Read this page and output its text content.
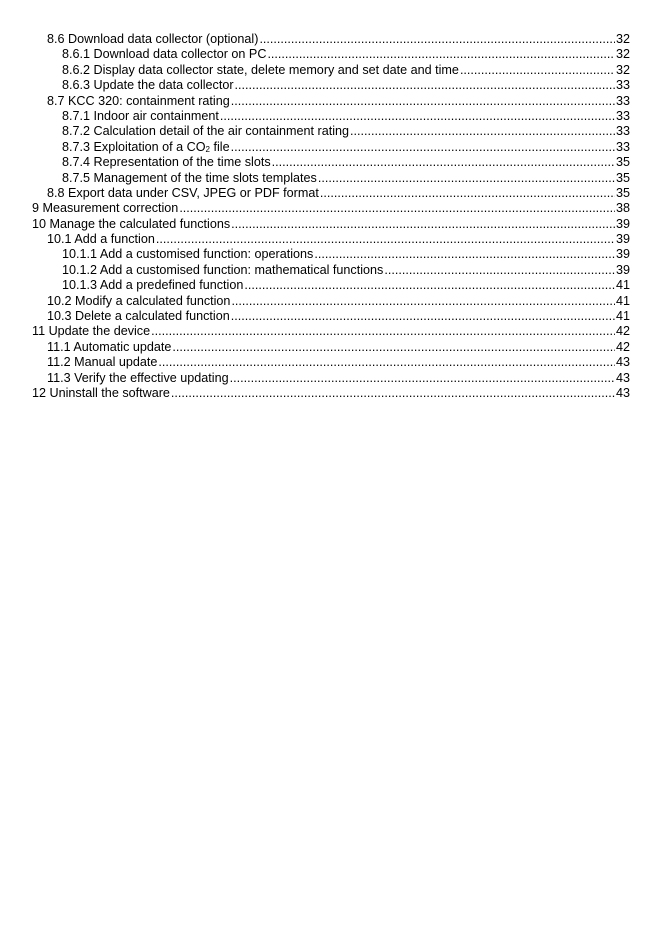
8.6 Download data collector (optional) .....	32
8.6.1 Download data collector on PC .....	32
8.6.2 Display data collector state, delete memory and set date and time .....	32
8.6.3 Update the data collector .....	33
8.7 KCC 320: containment rating .....	33
8.7.1 Indoor air containment .....	33
8.7.2 Calculation detail of the air containment rating .....	33
8.7.3 Exploitation of a $CO_2$ file .....	33
8.7.4 Representation of the time slots .....	35
8.7.5 Management of the time slots templates .....	35
8.8 Export data under CSV, JPEG or PDF format .....	35
9 Measurement correction .....	38
10 Manage the calculated functions .....	39
10.1 Add a function .....	39
10.1.1 Add a customised function: operations .....	39
10.1.2 Add a customised function: mathematical functions .....	39
10.1.3 Add a predefined function .....	41
10.2 Modify a calculated function .....	41
10.3 Delete a calculated function .....	41
11 Update the device .....	42
11.1 Automatic update .....	42
11.2 Manual update .....	43
11.3 Verify the effective updating .....	43
12 Uninstall the software .....	43
